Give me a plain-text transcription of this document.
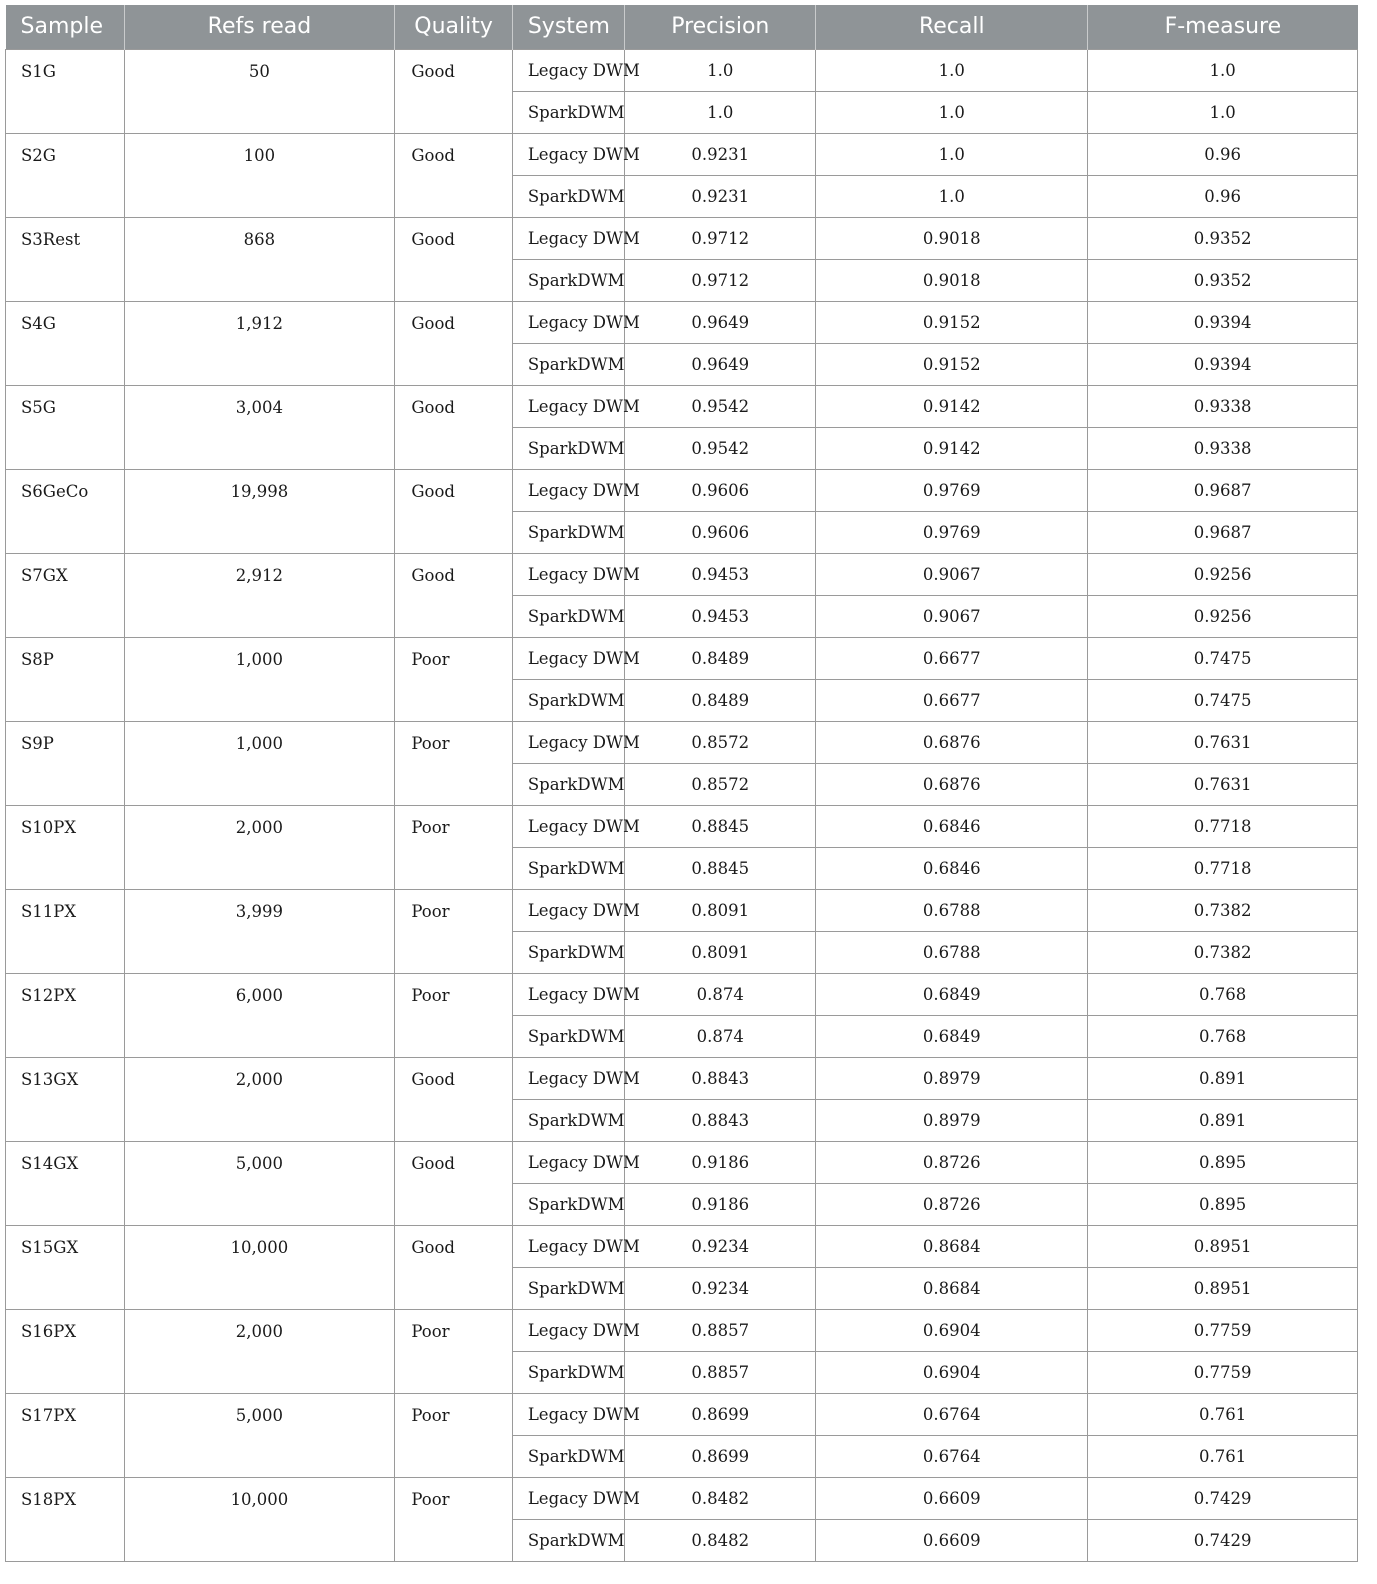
Sample	Refs read	Quality	System	Precision	Recall	F-measure
S1G	50	Good	Legacy DWM	1.0	1.0	1.0
			SparkDWM	1.0	1.0	1.0
S2G	100	Good	Legacy DWM	0.9231	1.0	0.96
			SparkDWM	0.9231	1.0	0.96
S3Rest	868	Good	Legacy DWM	0.9712	0.9018	0.9352
			SparkDWM	0.9712	0.9018	0.9352
S4G	1,912	Good	Legacy DWM	0.9649	0.9152	0.9394
			SparkDWM	0.9649	0.9152	0.9394
S5G	3,004	Good	Legacy DWM	0.9542	0.9142	0.9338
			SparkDWM	0.9542	0.9142	0.9338
S6GeCo	19,998	Good	Legacy DWM	0.9606	0.9769	0.9687
			SparkDWM	0.9606	0.9769	0.9687
S7GX	2,912	Good	Legacy DWM	0.9453	0.9067	0.9256
			SparkDWM	0.9453	0.9067	0.9256
S8P	1,000	Poor	Legacy DWM	0.8489	0.6677	0.7475
			SparkDWM	0.8489	0.6677	0.7475
S9P	1,000	Poor	Legacy DWM	0.8572	0.6876	0.7631
			SparkDWM	0.8572	0.6876	0.7631
S10PX	2,000	Poor	Legacy DWM	0.8845	0.6846	0.7718
			SparkDWM	0.8845	0.6846	0.7718
S11PX	3,999	Poor	Legacy DWM	0.8091	0.6788	0.7382
			SparkDWM	0.8091	0.6788	0.7382
S12PX	6,000	Poor	Legacy DWM	0.874	0.6849	0.768
			SparkDWM	0.874	0.6849	0.768
S13GX	2,000	Good	Legacy DWM	0.8843	0.8979	0.891
			SparkDWM	0.8843	0.8979	0.891
S14GX	5,000	Good	Legacy DWM	0.9186	0.8726	0.895
			SparkDWM	0.9186	0.8726	0.895
S15GX	10,000	Good	Legacy DWM	0.9234	0.8684	0.8951
			SparkDWM	0.9234	0.8684	0.8951
S16PX	2,000	Poor	Legacy DWM	0.8857	0.6904	0.7759
			SparkDWM	0.8857	0.6904	0.7759
S17PX	5,000	Poor	Legacy DWM	0.8699	0.6764	0.761
			SparkDWM	0.8699	0.6764	0.761
S18PX	10,000	Poor	Legacy DWM	0.8482	0.6609	0.7429
			SparkDWM	0.8482	0.6609	0.7429
